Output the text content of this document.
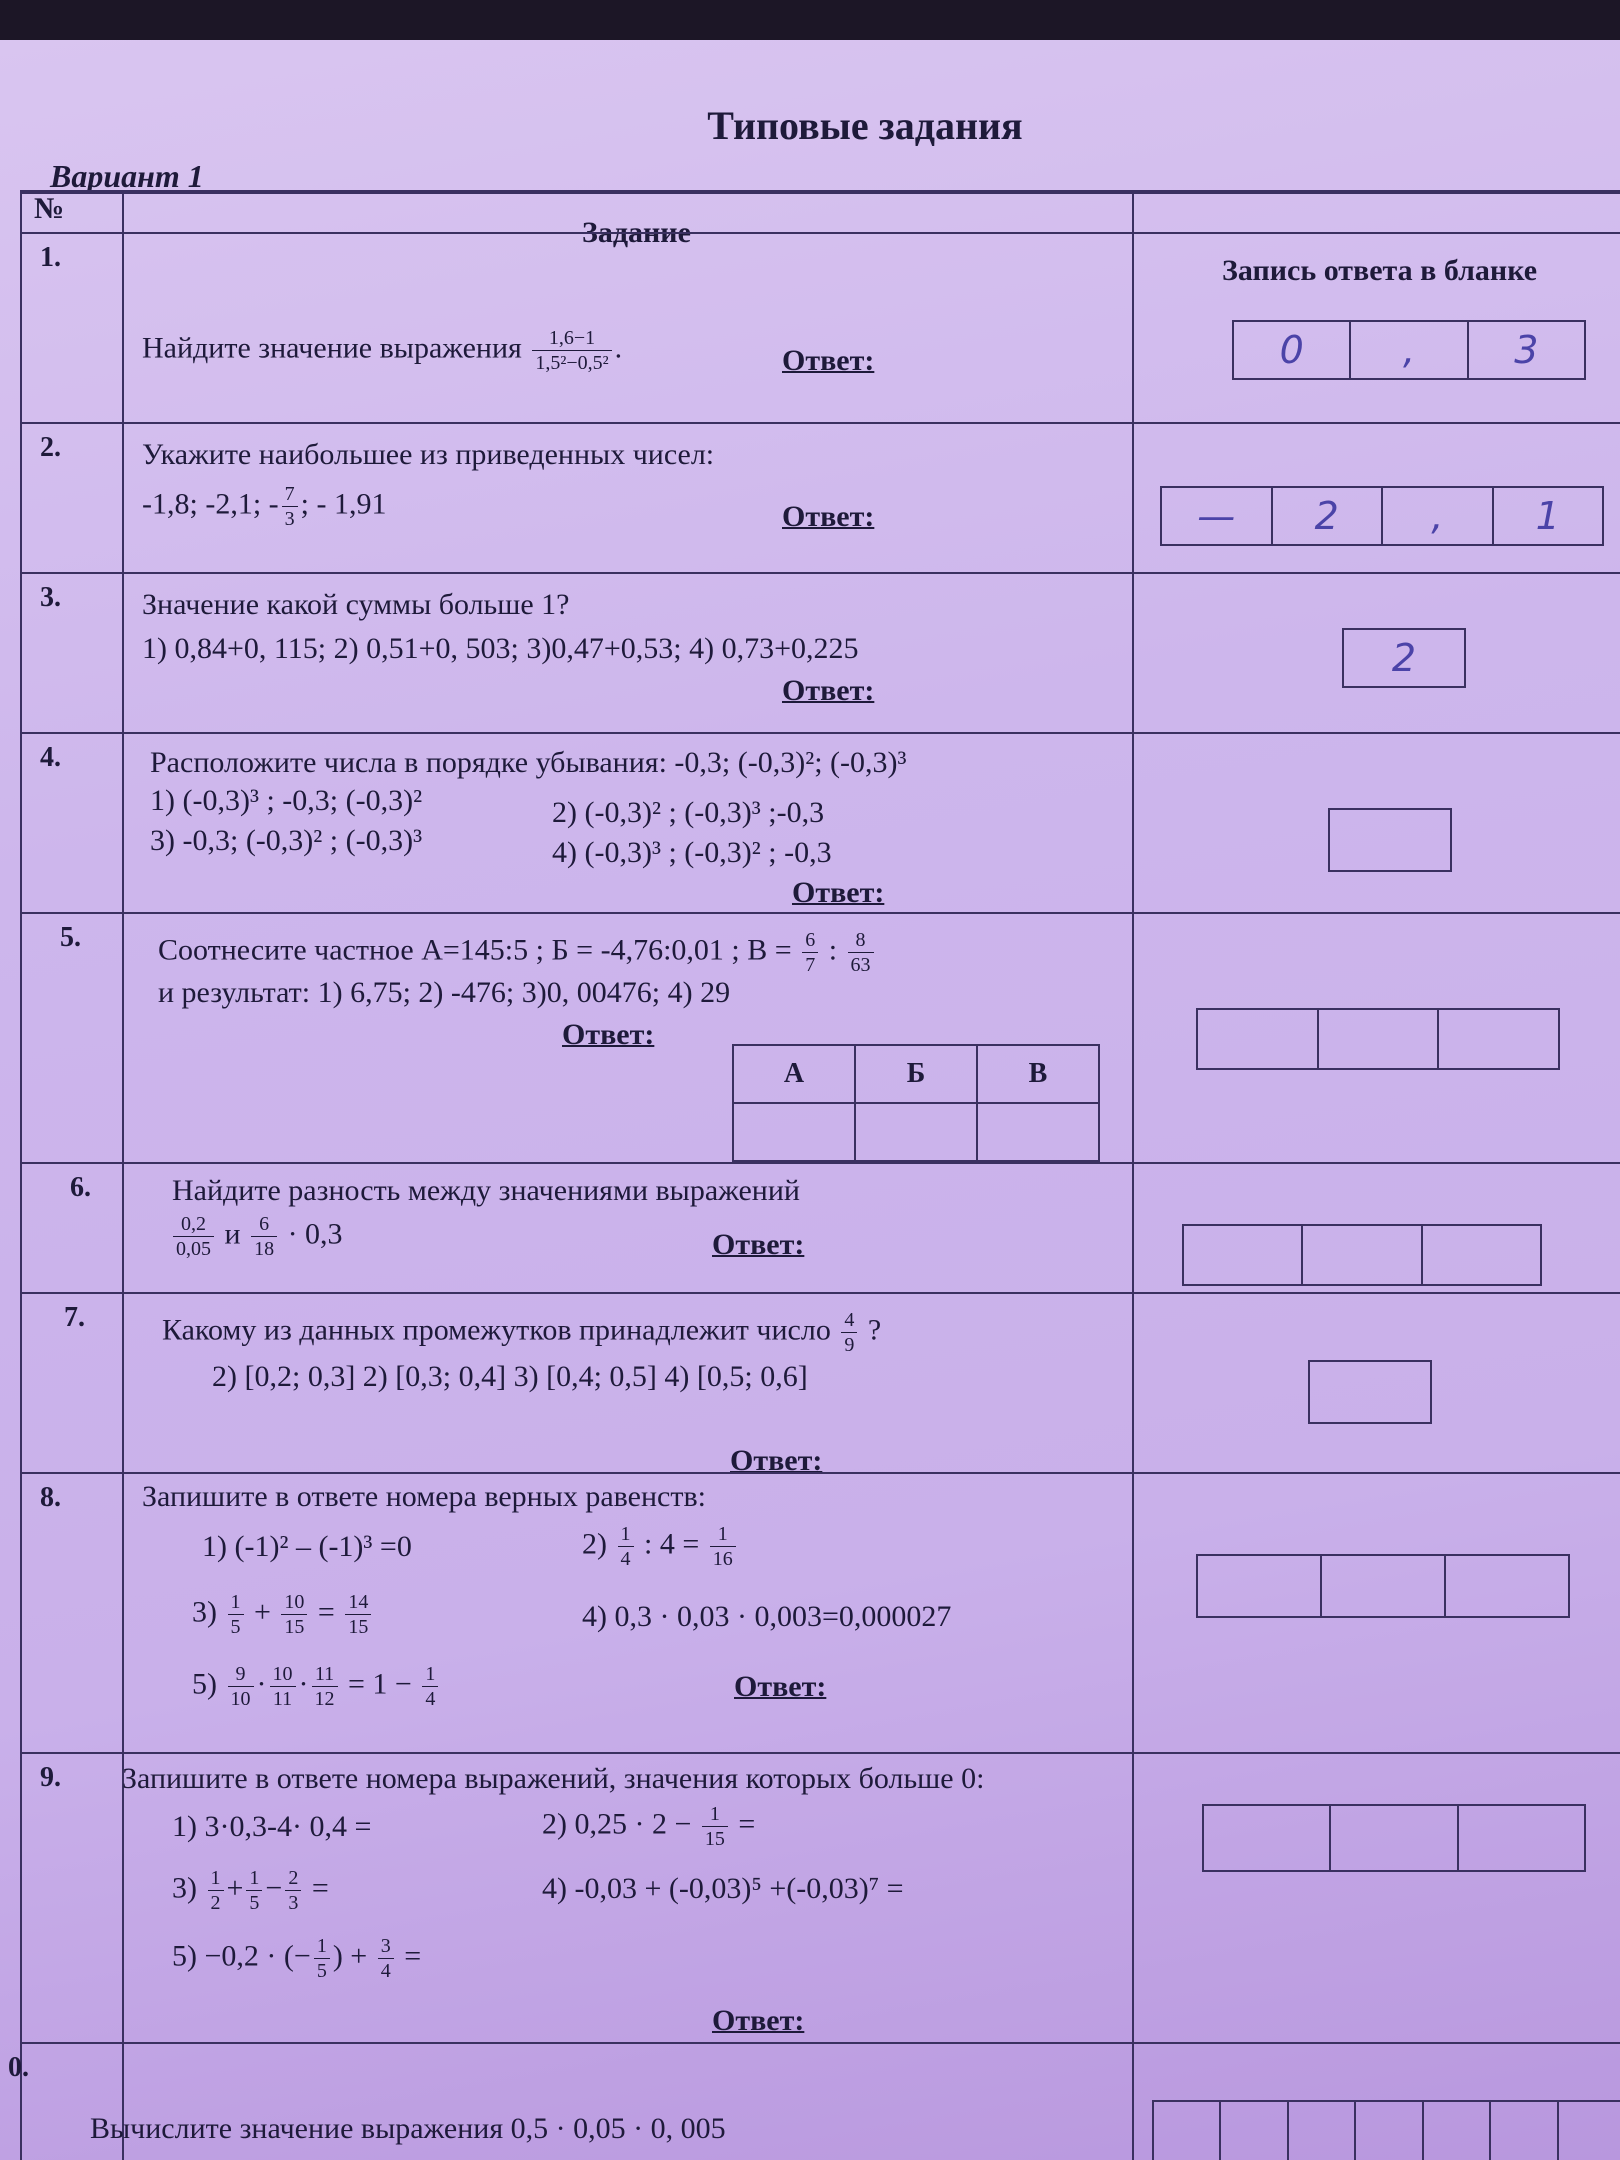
Типовые задания
Вариант 1
№
Задание
Запись ответа в бланке
1.
Найдите значение выражения $\frac{1,6-1}{\text{1,5²−0,5²}}$ .	Ответ:	0	,	3
2.	Укажите наибольшее из приведенных чисел:
-1,8; -2,1; - $\frac{7}{3}$ ; - 1,91	Ответ:	—	2	,	1
3.	Значение какой суммы больше 1?
1) 0,84+0, 115; 2) 0,51+0, 503; 3)0,47+0,53; 4) 0,73+0,225
Ответ:
2
4.	Расположите числа в порядке убывания: -0,3; (-0,3)²; (-0,3)³
1) (-0,3)³ ; -0,3; (-0,3)²	2) (-0,3)² ; (-0,3)³ ;-0,3
3) -0,3; (-0,3)² ; (-0,3)³	4) (-0,3)³ ; (-0,3)² ; -0,3
Ответ:
5.	Соотнесите частное А=145:5 ; Б = -4,76:0,01 ; $В = \frac{6}{7}$ : $\frac{8}{63}$
и результат: 1) 6,75; 2) -476; 3)0, 00476; 4) 29
Ответ:
А	Б	В

6.	Найдите разность между значениями выражений
$\frac{0,2}{0,05}$ и $\frac{6}{18} \cdot 0,3$	Ответ:
7.	Какому из данных промежутков принадлежит число $\frac{4}{9}$ ?
2) [0,2; 0,3] 2) [0,3; 0,4] 3) [0,4; 0,5] 4) [0,5; 0,6]
Ответ:
8.	Запишите в ответе номера верных равенств:
1) (-1)² – (-1)³ =0	$2) \frac{1}{4}$ : $4 = \frac{1}{16}$
$3) \frac{1}{5} + \frac{10}{15} = \frac{14}{15}$	4) 0,3 · 0,03 · 0,003=0,000027
$5) \frac{9}{10} \cdot \frac{10}{11} \cdot \frac{11}{12} = 1 - \frac{1}{4}$	Ответ:
9. Запишите в ответе номера выражений, значения которых больше 0:
1) 3·0,3-4· 0,4 =	2) $0,25 \cdot 2 - \frac{1}{15}$ =
$3) \frac{1}{2} + \frac{1}{5} - \frac{2}{3}$ =	4) -0,03 + (-0,03)⁵ +(-0,03)⁷ =
5) −0,2 · (− $\frac{1}{5}$ ) + $\frac{3}{4}$ =
Ответ:
0.
Вычислите значение выражения 0,5 · 0,05 · 0, 005
